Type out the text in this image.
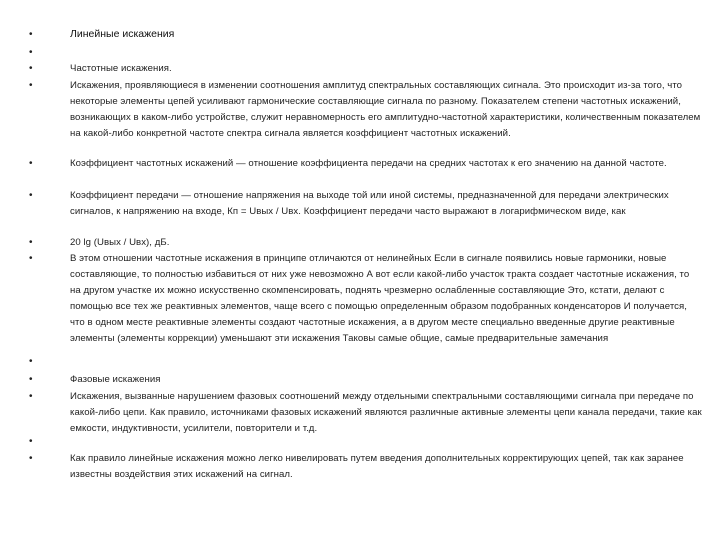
•
•
•
•
•
•
•
•
•
•
•
•
•
Линейные искажения
Частотные искажения.
Искажения, проявляющиеся в изменении соотношения амплитуд спектральных составляющих сигнала. Это происходит из-за того, что некоторые элементы цепей усиливают гармонические составляющие сигнала по разному. Показателем степени частотных искажений, возникающих в каком-либо устройстве, служит неравномерность его амплитудно-частотной характеристики, количественным показателем на какой-либо конкретной частоте спектра сигнала является коэффициент частотных искажений.
Коэффициент частотных искажений — отношение коэффициента передачи на средних частотах к его значению на данной частоте.
Коэффициент передачи — отношение напряжения на выходе той или иной системы, предназначенной для передачи электрических сигналов, к напряжению на входе, Кп = Uвых / Uвх. Коэффициент передачи часто выражают в логарифмическом виде, как
20 lg (Uвых / Uвх), дБ.
В этом отношении частотные искажения в принципе отличаются от нелинейных Если в сигнале появились новые гармоники, новые составляющие, то полностью избавиться от них уже невозможно А вот если какой-либо участок тракта создает частотные искажения, то на другом участке их можно искусственно скомпенсировать, поднять чрезмерно ослабленные составляющие Это, кстати, делают с помощью все тех же реактивных элементов, чаще всего с помощью определенным образом подобранных конденсаторов И получается, что в одном месте реактивные элементы создают частотные искажения, а в другом месте специально введенные другие реактивные элементы (элементы коррекции) уменьшают эти искажения Таковы самые общие, самые предварительные замечания
Фазовые искажения
Искажения, вызванные нарушением фазовых соотношений между отдельными спектральными составляющими сигнала при передаче по какой-либо цепи. Как правило, источниками фазовых искажений являются различные активные элементы цепи канала передачи, такие как емкости, индуктивности, усилители, повторители и т.д.
Как правило линейные искажения можно легко нивелировать путем введения дополнительных корректирующих цепей, так как заранее известны воздействия этих искажений на сигнал.
